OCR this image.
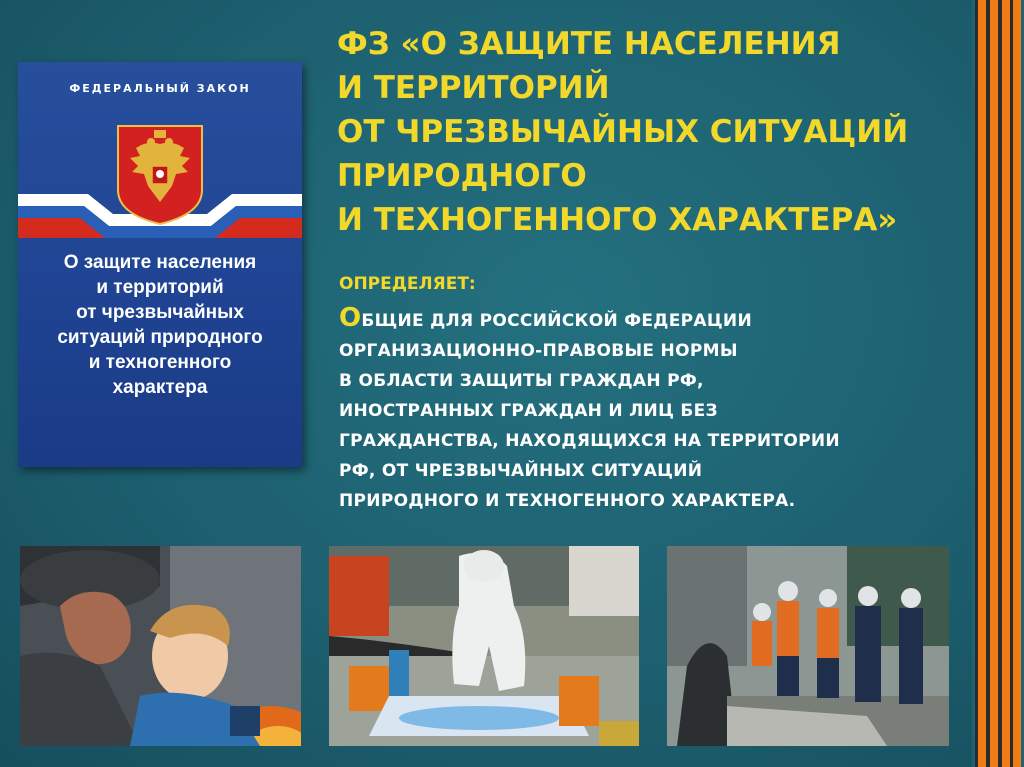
ФЕДЕРАЛЬНЫЙ ЗАКОН
О защите населения
и территорий
от чрезвычайных
ситуаций природного
и техногенного
характера
ФЗ «О ЗАЩИТЕ НАСЕЛЕНИЯ
И ТЕРРИТОРИЙ
ОТ ЧРЕЗВЫЧАЙНЫХ СИТУАЦИЙ
ПРИРОДНОГО
И ТЕХНОГЕННОГО ХАРАКТЕРА»
ОПРЕДЕЛЯЕТ:
ОБЩИЕ ДЛЯ РОССИЙСКОЙ ФЕДЕРАЦИИ
ОРГАНИЗАЦИОННО-ПРАВОВЫЕ НОРМЫ
В ОБЛАСТИ ЗАЩИТЫ ГРАЖДАН РФ,
ИНОСТРАННЫХ ГРАЖДАН И ЛИЦ БЕЗ
ГРАЖДАНСТВА, НАХОДЯЩИХСЯ НА ТЕРРИТОРИИ
РФ, ОТ ЧРЕЗВЫЧАЙНЫХ СИТУАЦИЙ
ПРИРОДНОГО И ТЕХНОГЕННОГО ХАРАКТЕРА.
